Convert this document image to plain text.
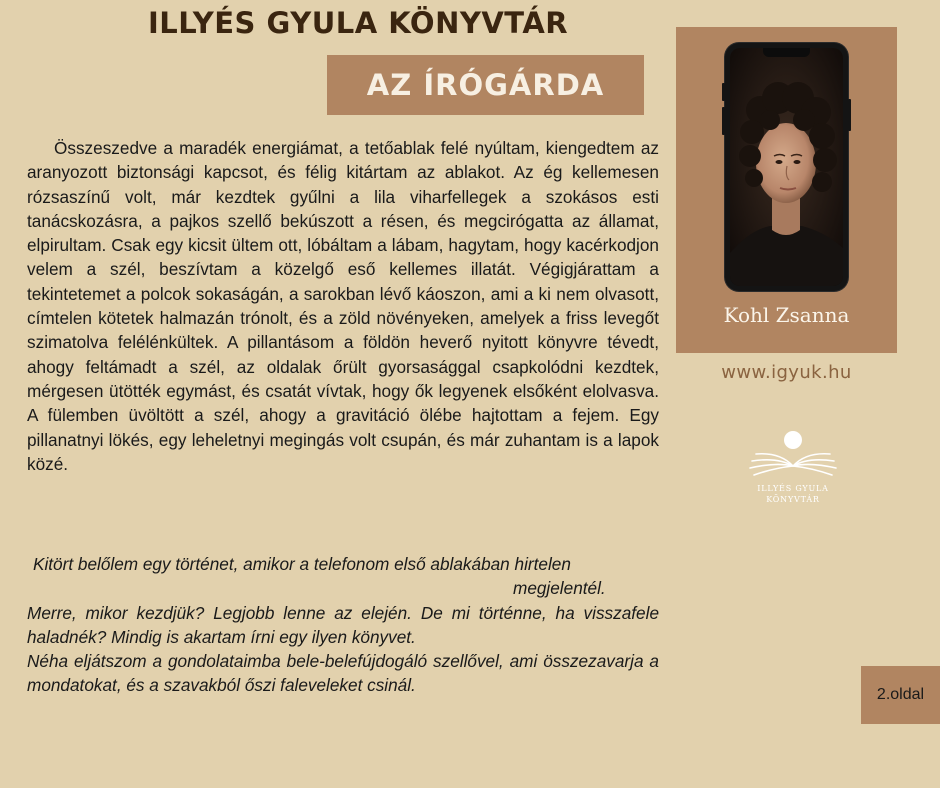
ILLYÉS GYULA KÖNYVTÁR
AZ ÍRÓGÁRDA

Összeszedve a maradék energiámat, a tetőablak felé nyúltam, kiengedtem az aranyozott biztonsági kapcsot, és félig kitártam az ablakot. Az ég kellemesen rózsaszínű volt, már kezdtek gyűlni a lila viharfellegek a szokásos esti tanácskozásra, a pajkos szellő bekúszott a résen, és megcirógatta az államat, elpirultam. Csak egy kicsit ültem ott, lóbáltam a lábam, hagytam, hogy kacérkodjon velem a szél, beszívtam a közelgő eső kellemes illatát. Végigjárattam a tekintetemet a polcok sokaságán, a sarokban lévő káoszon, ami a ki nem olvasott, címtelen kötetek halmazán trónolt, és a zöld növényeken, amelyek a friss levegőt szimatolva felélénkültek. A pillantásom a földön heverő nyitott könyvre tévedt, ahogy feltámadt a szél, az oldalak őrült gyorsasággal csapkolódni kezdtek, mérgesen ütötték egymást, és csatát vívtak, hogy ők legyenek elsőként elolvasva. A fülemben üvöltött a szél, ahogy a gravitáció ölébe hajtottam a fejem. Egy pillanatnyi lökés, egy leheletnyi megingás volt csupán, és már zuhantam is a lapok közé.

Kitört belőlem egy történet, amikor a telefonom első ablakában hirtelen

megjelentél.

Merre, mikor kezdjük? Legjobb lenne az elején. De mi történne, ha visszafele haladnék? Mindig is akartam írni egy ilyen könyvet.

Néha eljátszom a gondolataimba bele-belefújdogáló szellővel, ami összezavarja a mondatokat, és a szavakból őszi faleveleket csinál.

Kohl Zsanna
www.igyuk.hu
ILLYÉS GYULA
KÖNYVTÁR
2.oldal
